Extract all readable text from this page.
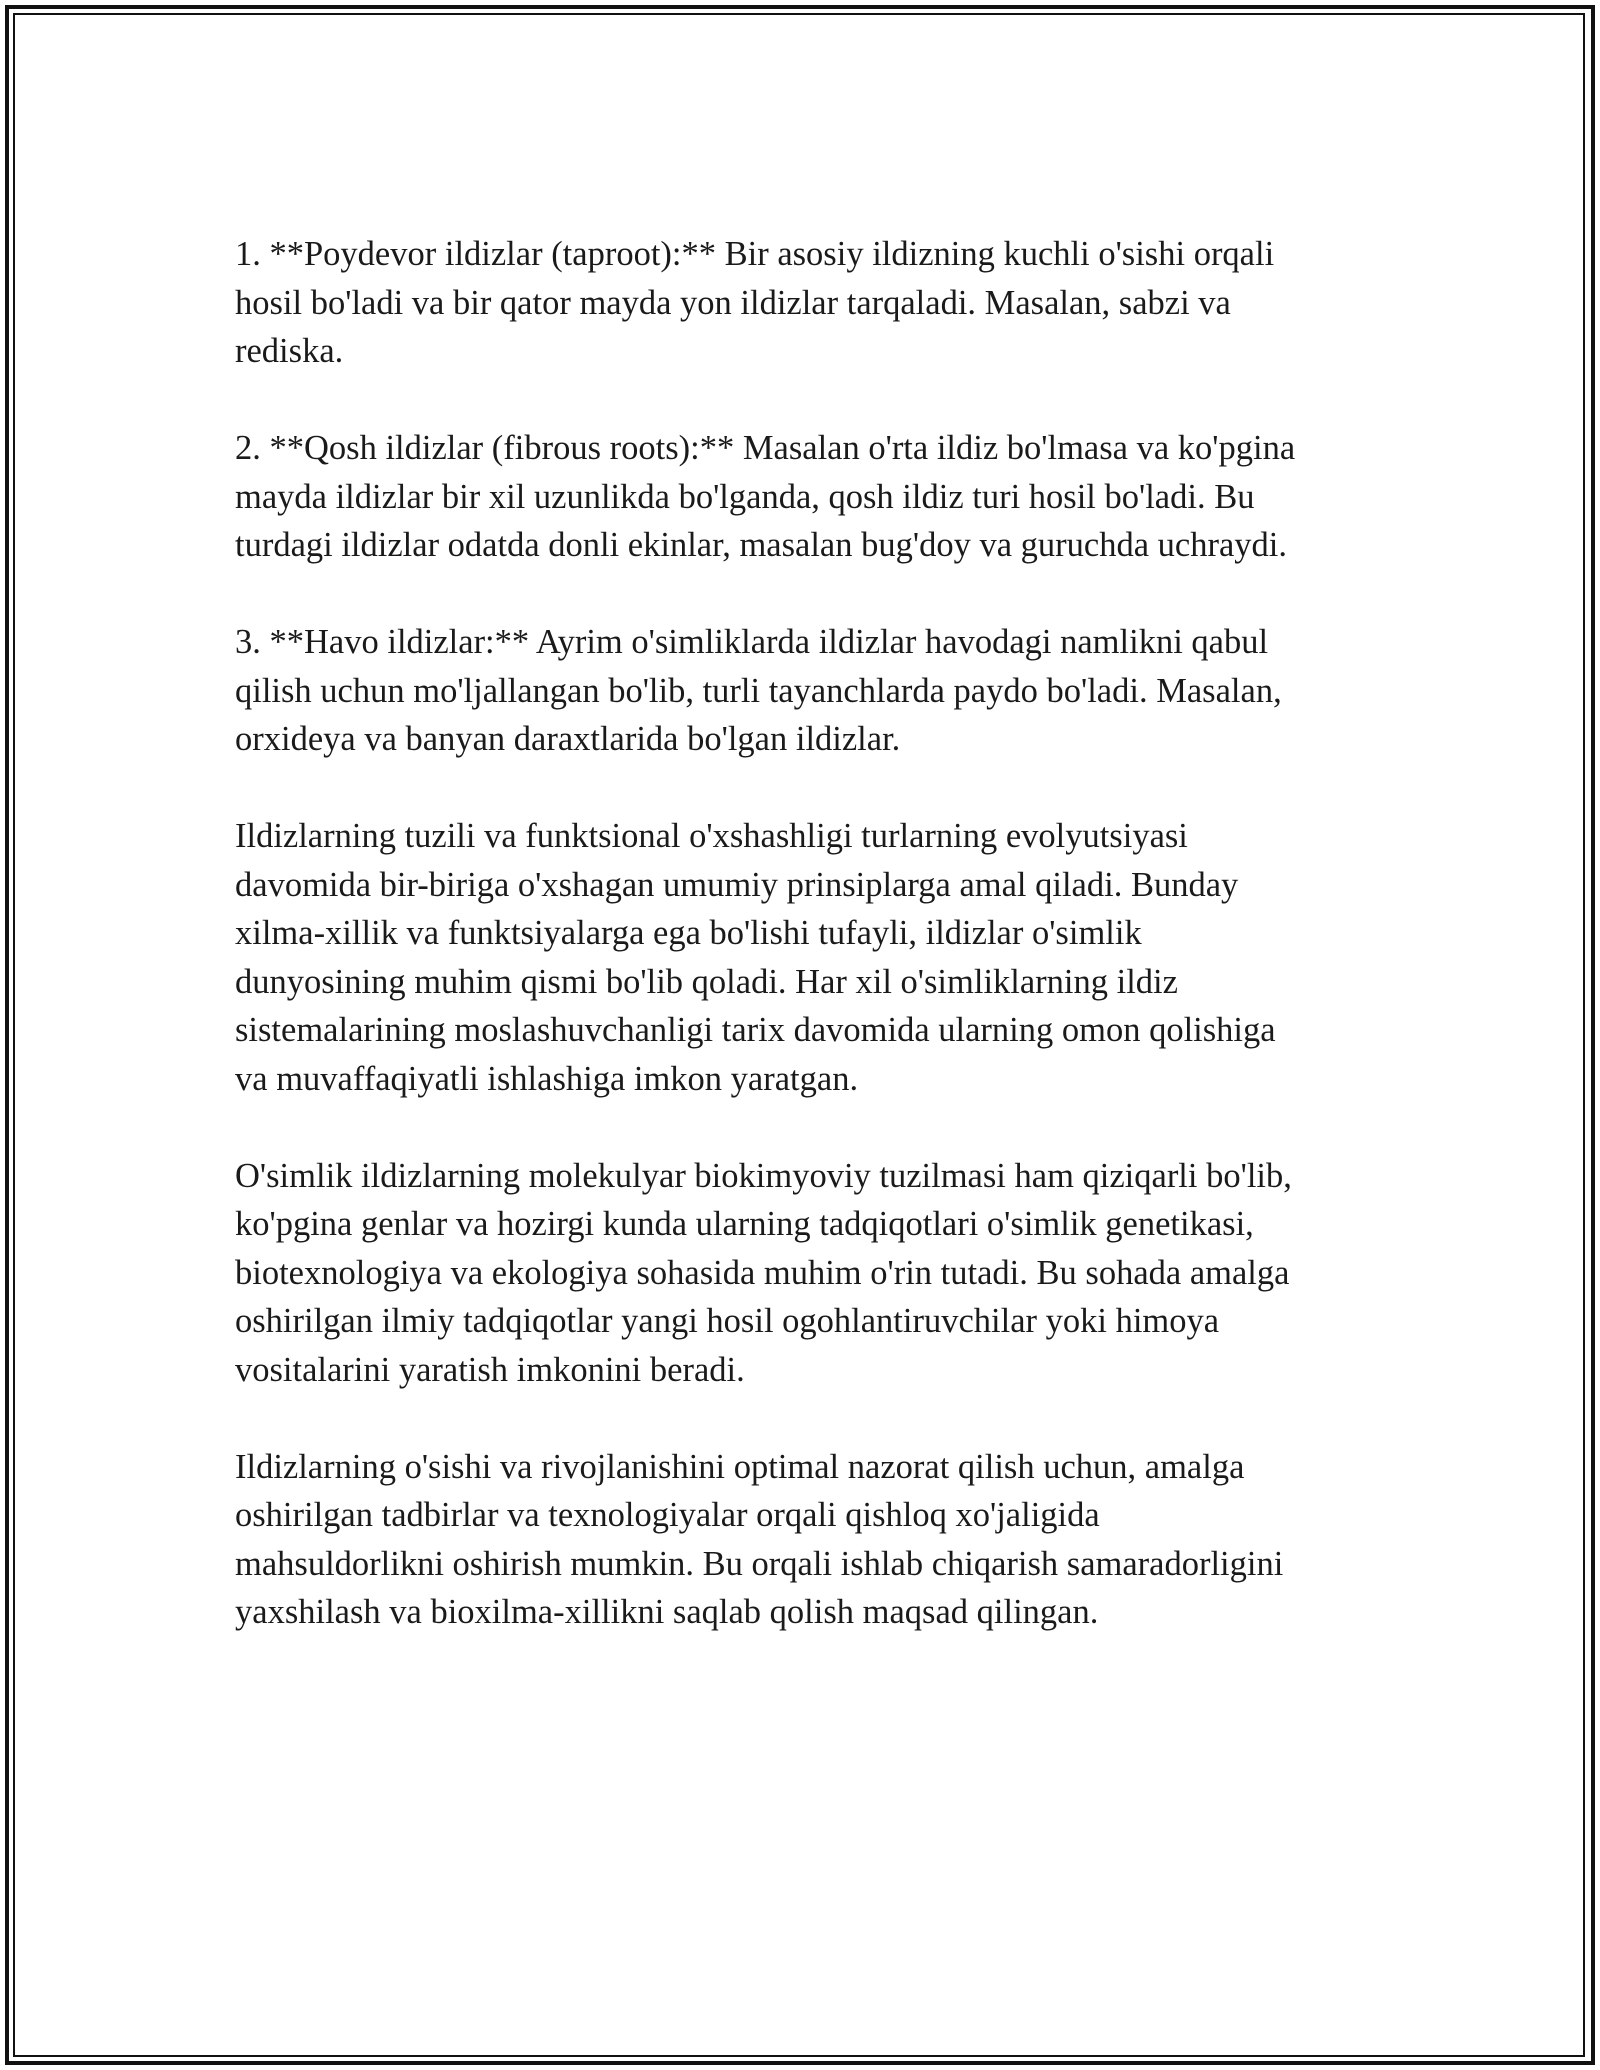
1. **Poydevor ildizlar (taproot):** Bir asosiy ildizning kuchli o'sishi orqali
hosil bo'ladi va bir qator mayda yon ildizlar tarqaladi. Masalan, sabzi va
rediska.

2. **Qosh ildizlar (fibrous roots):** Masalan o'rta ildiz bo'lmasa va ko'pgina
mayda ildizlar bir xil uzunlikda bo'lganda, qosh ildiz turi hosil bo'ladi. Bu
turdagi ildizlar odatda donli ekinlar, masalan bug'doy va guruchda uchraydi.

3. **Havo ildizlar:** Ayrim o'simliklarda ildizlar havodagi namlikni qabul
qilish uchun mo'ljallangan bo'lib, turli tayanchlarda paydo bo'ladi. Masalan,
orxideya va banyan daraxtlarida bo'lgan ildizlar.

Ildizlarning tuzili va funktsional o'xshashligi turlarning evolyutsiyasi
davomida bir-biriga o'xshagan umumiy prinsiplarga amal qiladi. Bunday
xilma-xillik va funktsiyalarga ega bo'lishi tufayli, ildizlar o'simlik
dunyosining muhim qismi bo'lib qoladi. Har xil o'simliklarning ildiz
sistemalarining moslashuvchanligi tarix davomida ularning omon qolishiga
va muvaffaqiyatli ishlashiga imkon yaratgan.

O'simlik ildizlarning molekulyar biokimyoviy tuzilmasi ham qiziqarli bo'lib,
ko'pgina genlar va hozirgi kunda ularning tadqiqotlari o'simlik genetikasi,
biotexnologiya va ekologiya sohasida muhim o'rin tutadi. Bu sohada amalga
oshirilgan ilmiy tadqiqotlar yangi hosil ogohlantiruvchilar yoki himoya
vositalarini yaratish imkonini beradi.

Ildizlarning o'sishi va rivojlanishini optimal nazorat qilish uchun, amalga
oshirilgan tadbirlar va texnologiyalar orqali qishloq xo'jaligida
mahsuldorlikni oshirish mumkin. Bu orqali ishlab chiqarish samaradorligini
yaxshilash va bioxilma-xillikni saqlab qolish maqsad qilingan.
